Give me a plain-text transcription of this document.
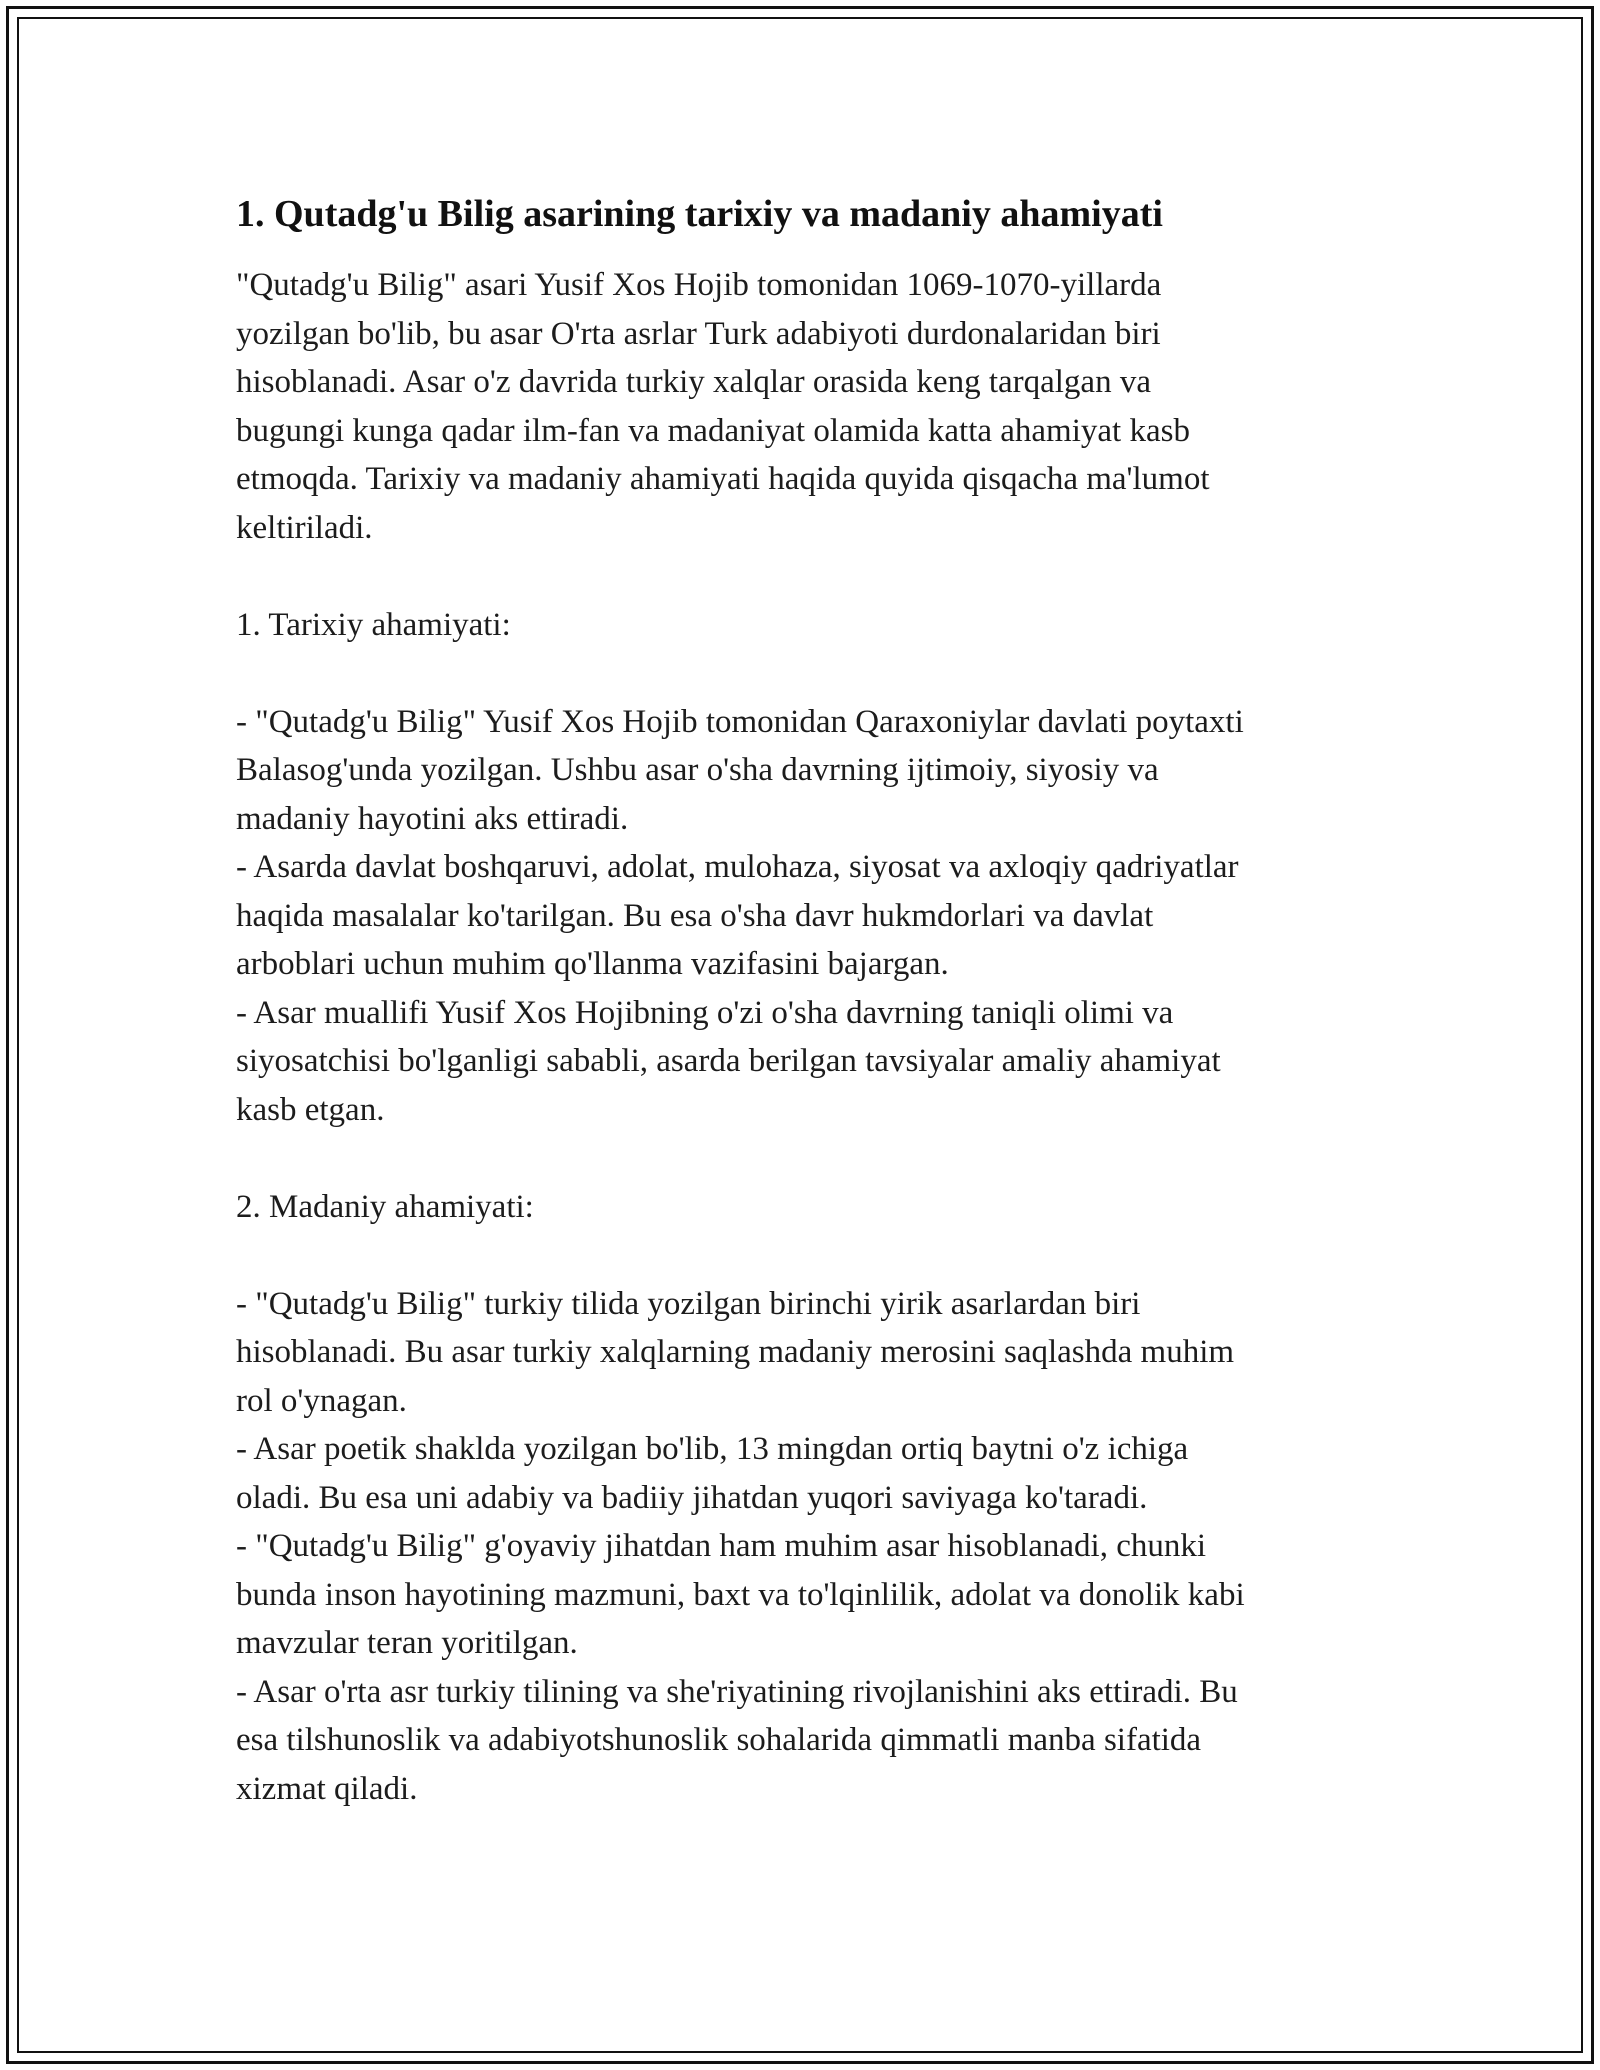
1. Qutadg'u Bilig asarining tarixiy va madaniy ahamiyati
"Qutadg'u Bilig" asari Yusif Xos Hojib tomonidan 1069-1070-yillarda
yozilgan bo'lib, bu asar O'rta asrlar Turk adabiyoti durdonalaridan biri
hisoblanadi. Asar o'z davrida turkiy xalqlar orasida keng tarqalgan va
bugungi kunga qadar ilm-fan va madaniyat olamida katta ahamiyat kasb
etmoqda. Tarixiy va madaniy ahamiyati haqida quyida qisqacha ma'lumot
keltiriladi.

1. Tarixiy ahamiyati:

- "Qutadg'u Bilig" Yusif Xos Hojib tomonidan Qaraxoniylar davlati poytaxti
Balasog'unda yozilgan. Ushbu asar o'sha davrning ijtimoiy, siyosiy va
madaniy hayotini aks ettiradi.
- Asarda davlat boshqaruvi, adolat, mulohaza, siyosat va axloqiy qadriyatlar
haqida masalalar ko'tarilgan. Bu esa o'sha davr hukmdorlari va davlat
arboblari uchun muhim qo'llanma vazifasini bajargan.
- Asar muallifi Yusif Xos Hojibning o'zi o'sha davrning taniqli olimi va
siyosatchisi bo'lganligi sababli, asarda berilgan tavsiyalar amaliy ahamiyat
kasb etgan.

2. Madaniy ahamiyati:

- "Qutadg'u Bilig" turkiy tilida yozilgan birinchi yirik asarlardan biri
hisoblanadi. Bu asar turkiy xalqlarning madaniy merosini saqlashda muhim
rol o'ynagan.
- Asar poetik shaklda yozilgan bo'lib, 13 mingdan ortiq baytni o'z ichiga
oladi. Bu esa uni adabiy va badiiy jihatdan yuqori saviyaga ko'taradi.
- "Qutadg'u Bilig" g'oyaviy jihatdan ham muhim asar hisoblanadi, chunki
bunda inson hayotining mazmuni, baxt va to'lqinlilik, adolat va donolik kabi
mavzular teran yoritilgan.
- Asar o'rta asr turkiy tilining va she'riyatining rivojlanishini aks ettiradi. Bu
esa tilshunoslik va adabiyotshunoslik sohalarida qimmatli manba sifatida
xizmat qiladi.
